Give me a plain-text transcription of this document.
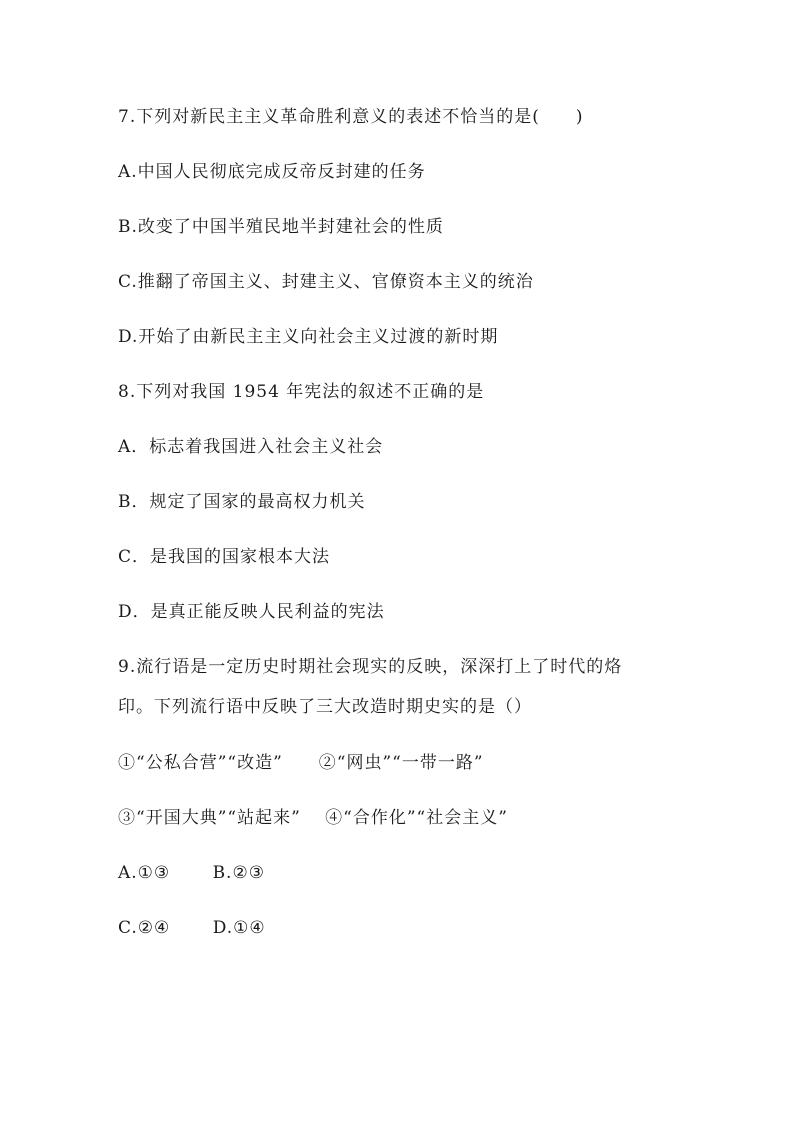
7.下列对新民主主义革命胜利意义的表述不恰当的是(　　)
A.中国人民彻底完成反帝反封建的任务
B.改变了中国半殖民地半封建社会的性质
C.推翻了帝国主义、封建主义、官僚资本主义的统治
D.开始了由新民主主义向社会主义过渡的新时期
8.下列对我国 1954 年宪法的叙述不正确的是
A．标志着我国进入社会主义社会
B．规定了国家的最高权力机关
C．是我国的国家根本大法
D．是真正能反映人民利益的宪法
9.流行语是一定历史时期社会现实的反映，深深打上了时代的烙
印。下列流行语中反映了三大改造时期史实的是（）
①“公私合营”“改造”　　②“网虫”“一带一路”
③“开国大典”“站起来”　 ④“合作化”“社会主义”
A.①③　　 B.②③
C.②④　　 D.①④
